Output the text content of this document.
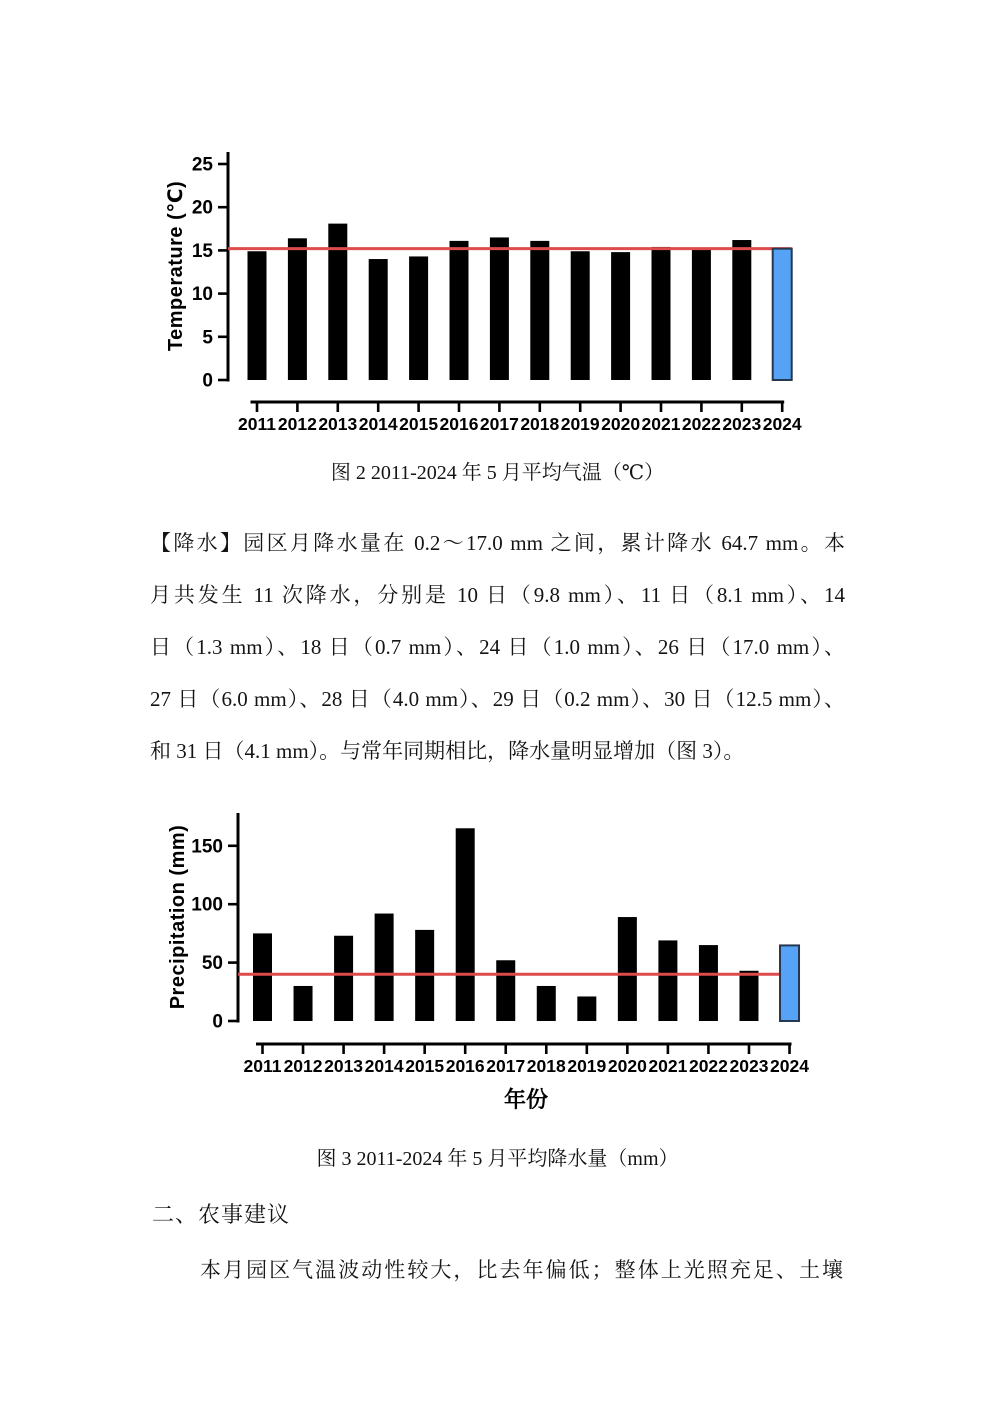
0
5
10
15
20
25
Temperature (℃)
2011 2012 2013 2014 2015 2016 2017 2018 2019 2020 2021 2022 2023 2024
图 2 2011-2024 年 5 月平均气温（℃）
【降水】园区月降水量在 0.2～17.0 mm 之间，累计降水 64.7 mm。本
月共发生 11 次降水，分别是 10 日（9.8 mm）、11 日（8.1 mm）、14
日（1.3 mm）、18 日（0.7 mm）、24 日（1.0 mm）、26 日（17.0 mm）、
27 日（6.0 mm）、28 日（4.0 mm）、29 日（0.2 mm）、30 日（12.5 mm）、
和 31 日（4.1 mm）。与常年同期相比，降水量明显增加（图 3）。
0
50
100
150
Precipitation (mm)
2011 2012 2013 2014 2015 2016 2017 2018 2019 2020 2021 2022 2023 2024
年份
图 3 2011-2024 年 5 月平均降水量（mm）
二、农事建议
本月园区气温波动性较大，比去年偏低；整体上光照充足、土壤
